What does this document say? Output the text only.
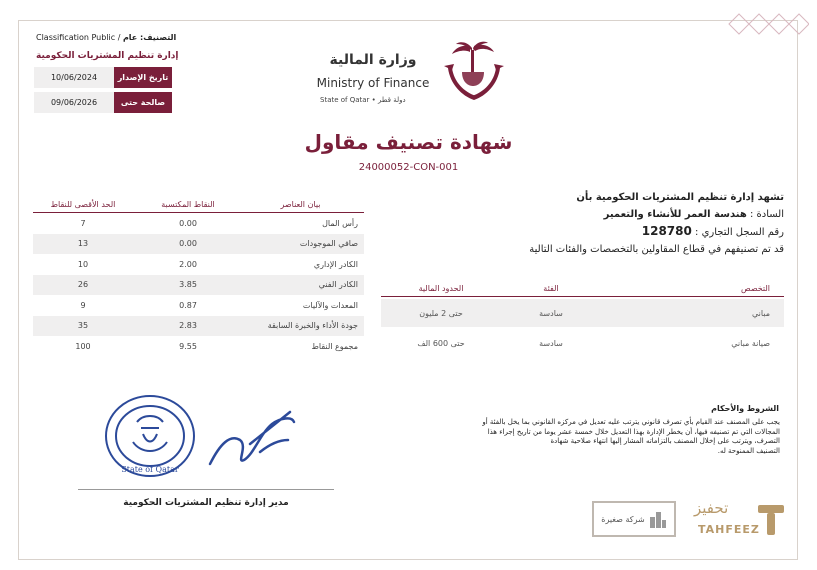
Classification Public / التصنيف: عام
إدارة تنظيم المشتريات الحكومية
10/06/2024	تاريخ الإصدار
09/06/2026	صالحة حتى
وزارة المالية
Ministry of Finance
State of Qatar • دولة قطر
شهادة تصنيف مقاول
24000052-CON-001
الحد الأقصى للنقاط	النقاط المكتسبة	بيان العناصر
7	0.00	رأس المال
13	0.00	صافي الموجودات
10	2.00	الكادر الإداري
26	3.85	الكادر الفني
9	0.87	المعدات والآليات
35	2.83	جودة الأداء والخبرة السابقة
100	9.55	مجموع النقاط
تشهد إدارة تنظيم المشتريات الحكومية بأن
السادة : هندسة العمر للأنشاء والتعمير
رقم السجل التجاري : 128780
قد تم تصنيفهم في قطاع المقاولين بالتخصصات والفئات التالية
الحدود المالية	الفئة	التخصص
حتى 2 مليون	سادسة	مباني
حتى 600 الف	سادسة	صيانة مباني
الشروط والأحكام
يجب على المصنف عند القيام بأي تصرف قانوني يترتب عليه تعديل في مركزه القانوني بما يخل بالفئة أو
المجالات التي تم تصنيفه فيها، أن يخطر الإدارة بهذا التعديل خلال خمسة عشر يوما من تاريخ إجراء هذا
التصرف، ويترتب على إخلال المصنف بالتزاماته المشار إليها انتهاء صلاحية شهادة
التصنيف الممنوحة له.
State of Qatar
مدير إدارة تنظيم المشتريات الحكومية
شركة صغيرة
تحفيز
TAHFEEZ
